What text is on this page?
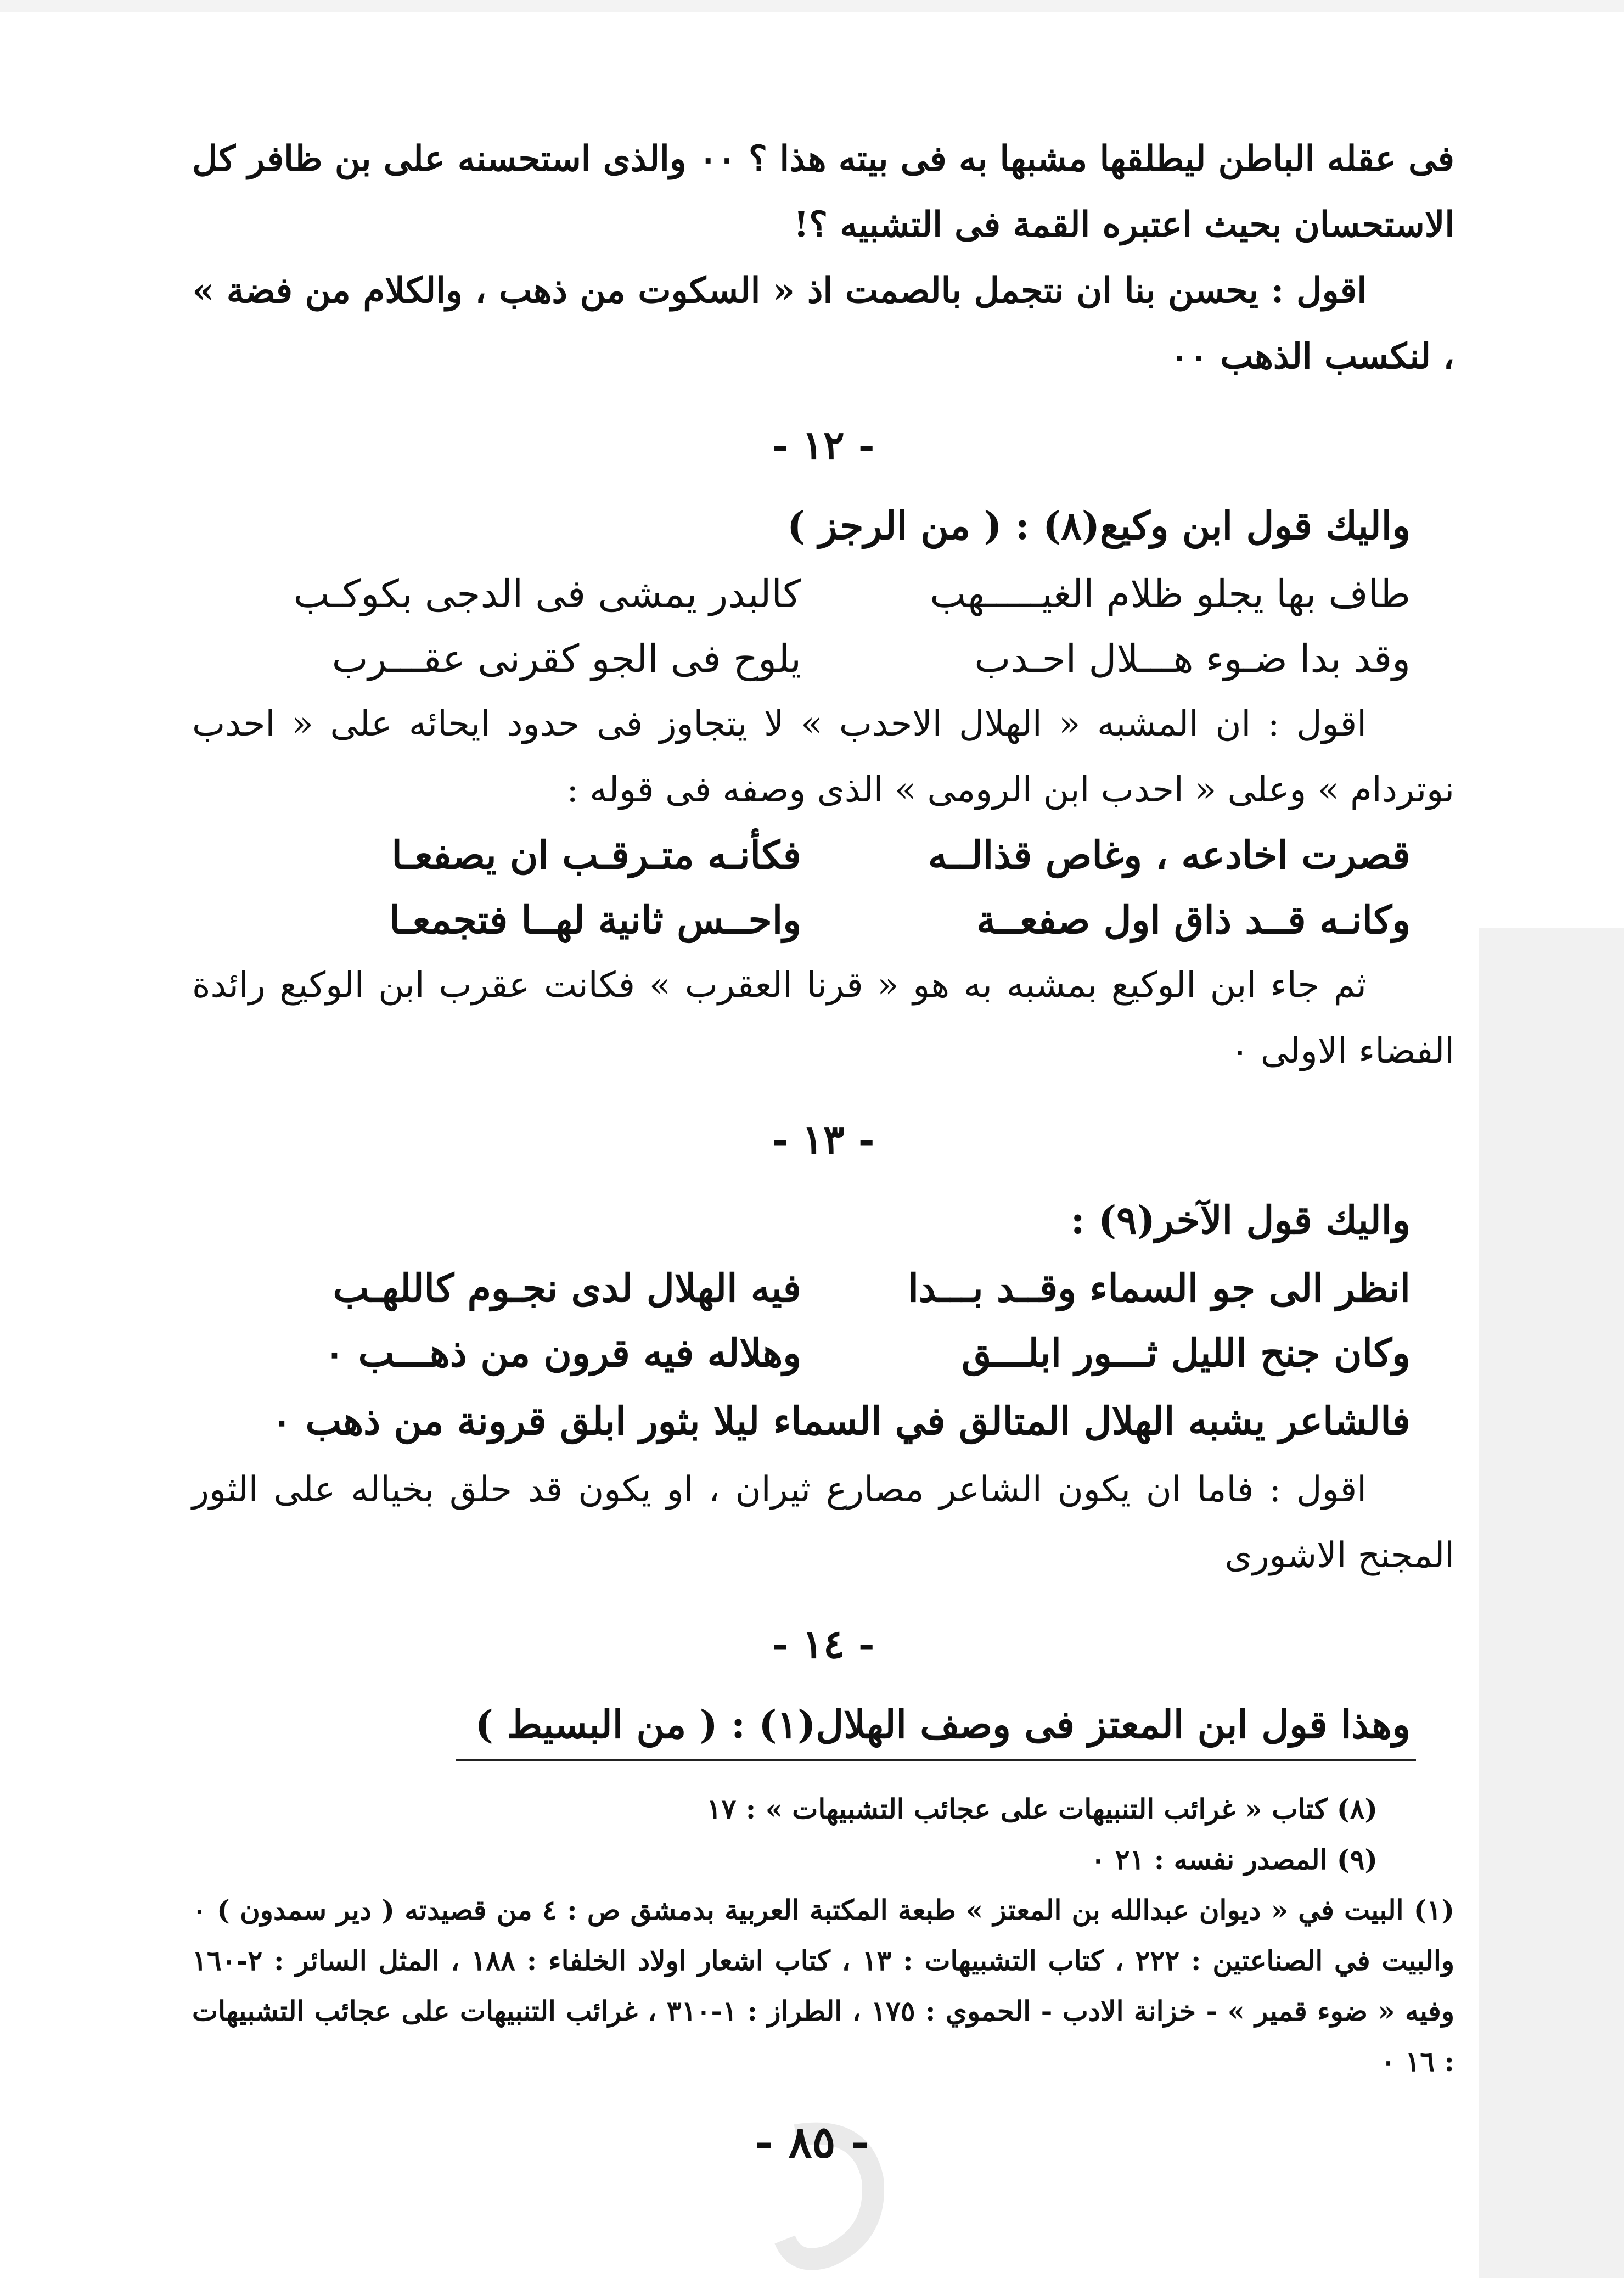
فى عقله الباطن ليطلقها مشبها به فى بيته هذا ؟ ٠٠ والذى استحسنه على بن ظافر كل الاستحسان بحيث اعتبره القمة فى التشبيه ؟!

اقول : يحسن بنا ان نتجمل بالصمت اذ « السكوت من ذهب ، والكلام من فضة » ، لنكسب الذهب ٠٠

- ١٢ -

واليك قول ابن وكيع(٨) : ( من الرجز )

طاف بها يجلو ظلام الغيـــــهب
كالبدر يمشى فى الدجى بكوكـب
وقد بدا ضـوء هـــلال احـدب
يلوح فى الجو كقرنى عقـــرب

اقول : ان المشبه « الهلال الاحدب » لا يتجاوز فى حدود ايحائه على « احدب نوتردام » وعلى « احدب ابن الرومى » الذى وصفه فى قوله :

قصرت اخادعه ، وغاص قذالــه
فكأنـه متـرقـب ان يصفعـا
وكانـه قــد ذاق اول صفعــة
واحــس ثانية لهــا فتجمعـا

ثم جاء ابن الوكيع بمشبه به هو « قرنا العقرب » فكانت عقرب ابن الوكيع رائدة الفضاء الاولى ٠

- ١٣ -

واليك قول الآخر(٩) :

انظر الى جو السماء وقــد بـــدا
فيه الهلال لدى نجـوم كاللهـب
وكان جنح الليل ثـــور ابلـــق
وهلاله فيه قرون من ذهـــب ٠

فالشاعر يشبه الهلال المتالق في السماء ليلا بثور ابلق قرونة من ذهب ٠

اقول : فاما ان يكون الشاعر مصارع ثيران ، او يكون قد حلق بخياله على الثور المجنح الاشورى

- ١٤ -

وهذا قول ابن المعتز فى وصف الهلال(١) : ( من البسيط )

(٨) كتاب « غرائب التنبيهات على عجائب التشبيهات » : ١٧

(٩) المصدر نفسه : ٢١ ٠

(١) البيت في « ديوان عبدالله بن المعتز » طبعة المكتبة العربية بدمشق ص : ٤ من قصيدته ( دير سمدون ) ٠ والبيت في الصناعتين : ٢٢٢ ، كتاب التشبيهات : ١٣ ، كتاب اشعار اولاد الخلفاء : ١٨٨ ، المثل السائر : ٢-١٦٠ وفيه « ضوء قمير » - خزانة الادب - الحموي : ١٧٥ ، الطراز : ١-٣١٠ ، غرائب التنبيهات على عجائب التشبيهات : ١٦ ٠

- ٨٥ -
